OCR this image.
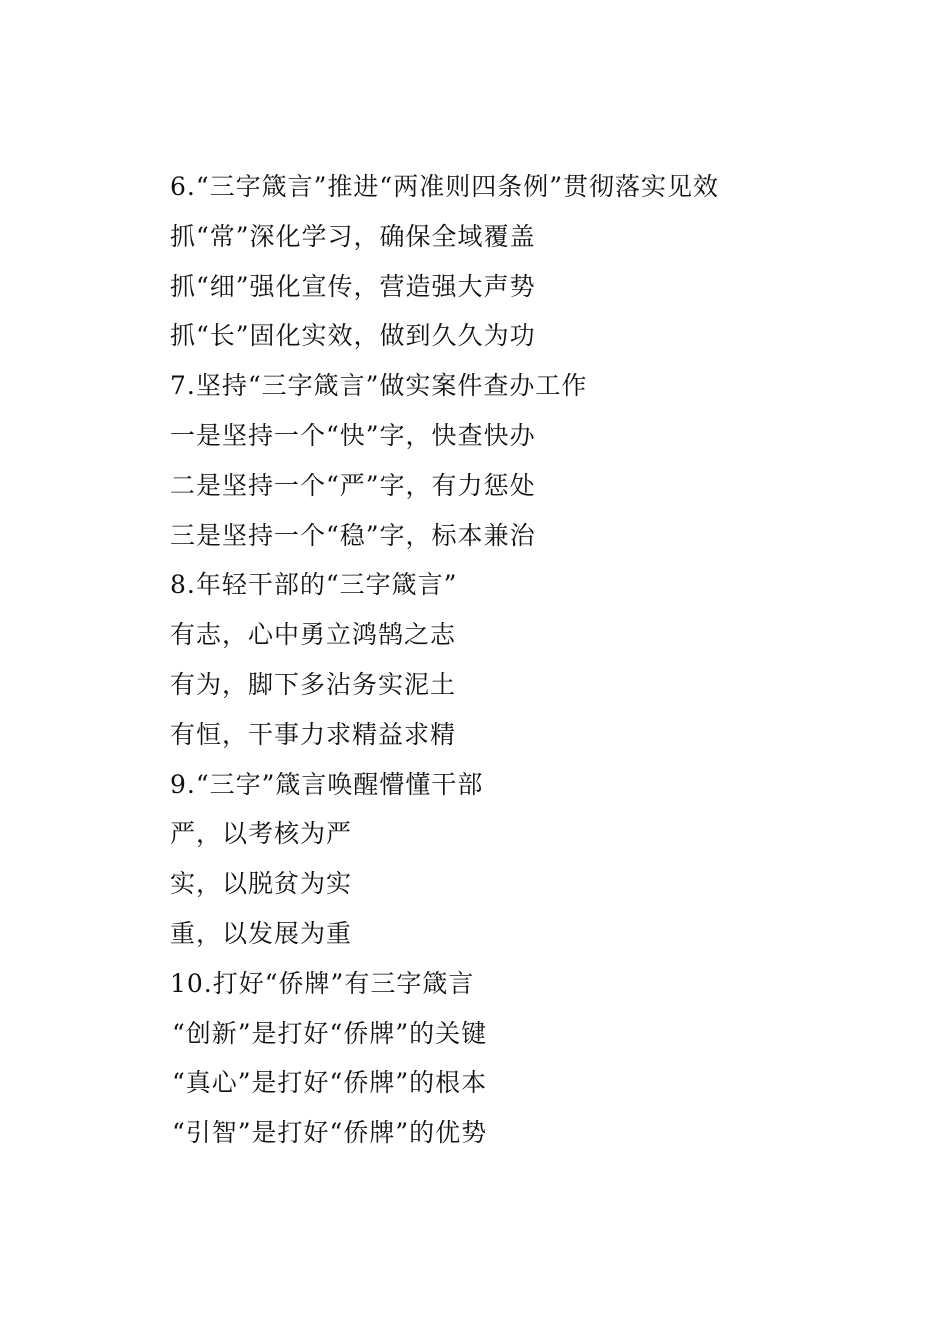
6.“三字箴言”推进“两准则四条例”贯彻落实见效
抓“常”深化学习，确保全域覆盖
抓“细”强化宣传，营造强大声势
抓“长”固化实效，做到久久为功
7.坚持“三字箴言”做实案件查办工作
一是坚持一个“快”字，快查快办
二是坚持一个“严”字，有力惩处
三是坚持一个“稳”字，标本兼治
8.年轻干部的“三字箴言”
有志，心中勇立鸿鹄之志
有为，脚下多沾务实泥土
有恒，干事力求精益求精
9.“三字”箴言唤醒懵懂干部
严，以考核为严
实，以脱贫为实
重，以发展为重
10.打好“侨牌”有三字箴言
“创新”是打好“侨牌”的关键
“真心”是打好“侨牌”的根本
“引智”是打好“侨牌”的优势
